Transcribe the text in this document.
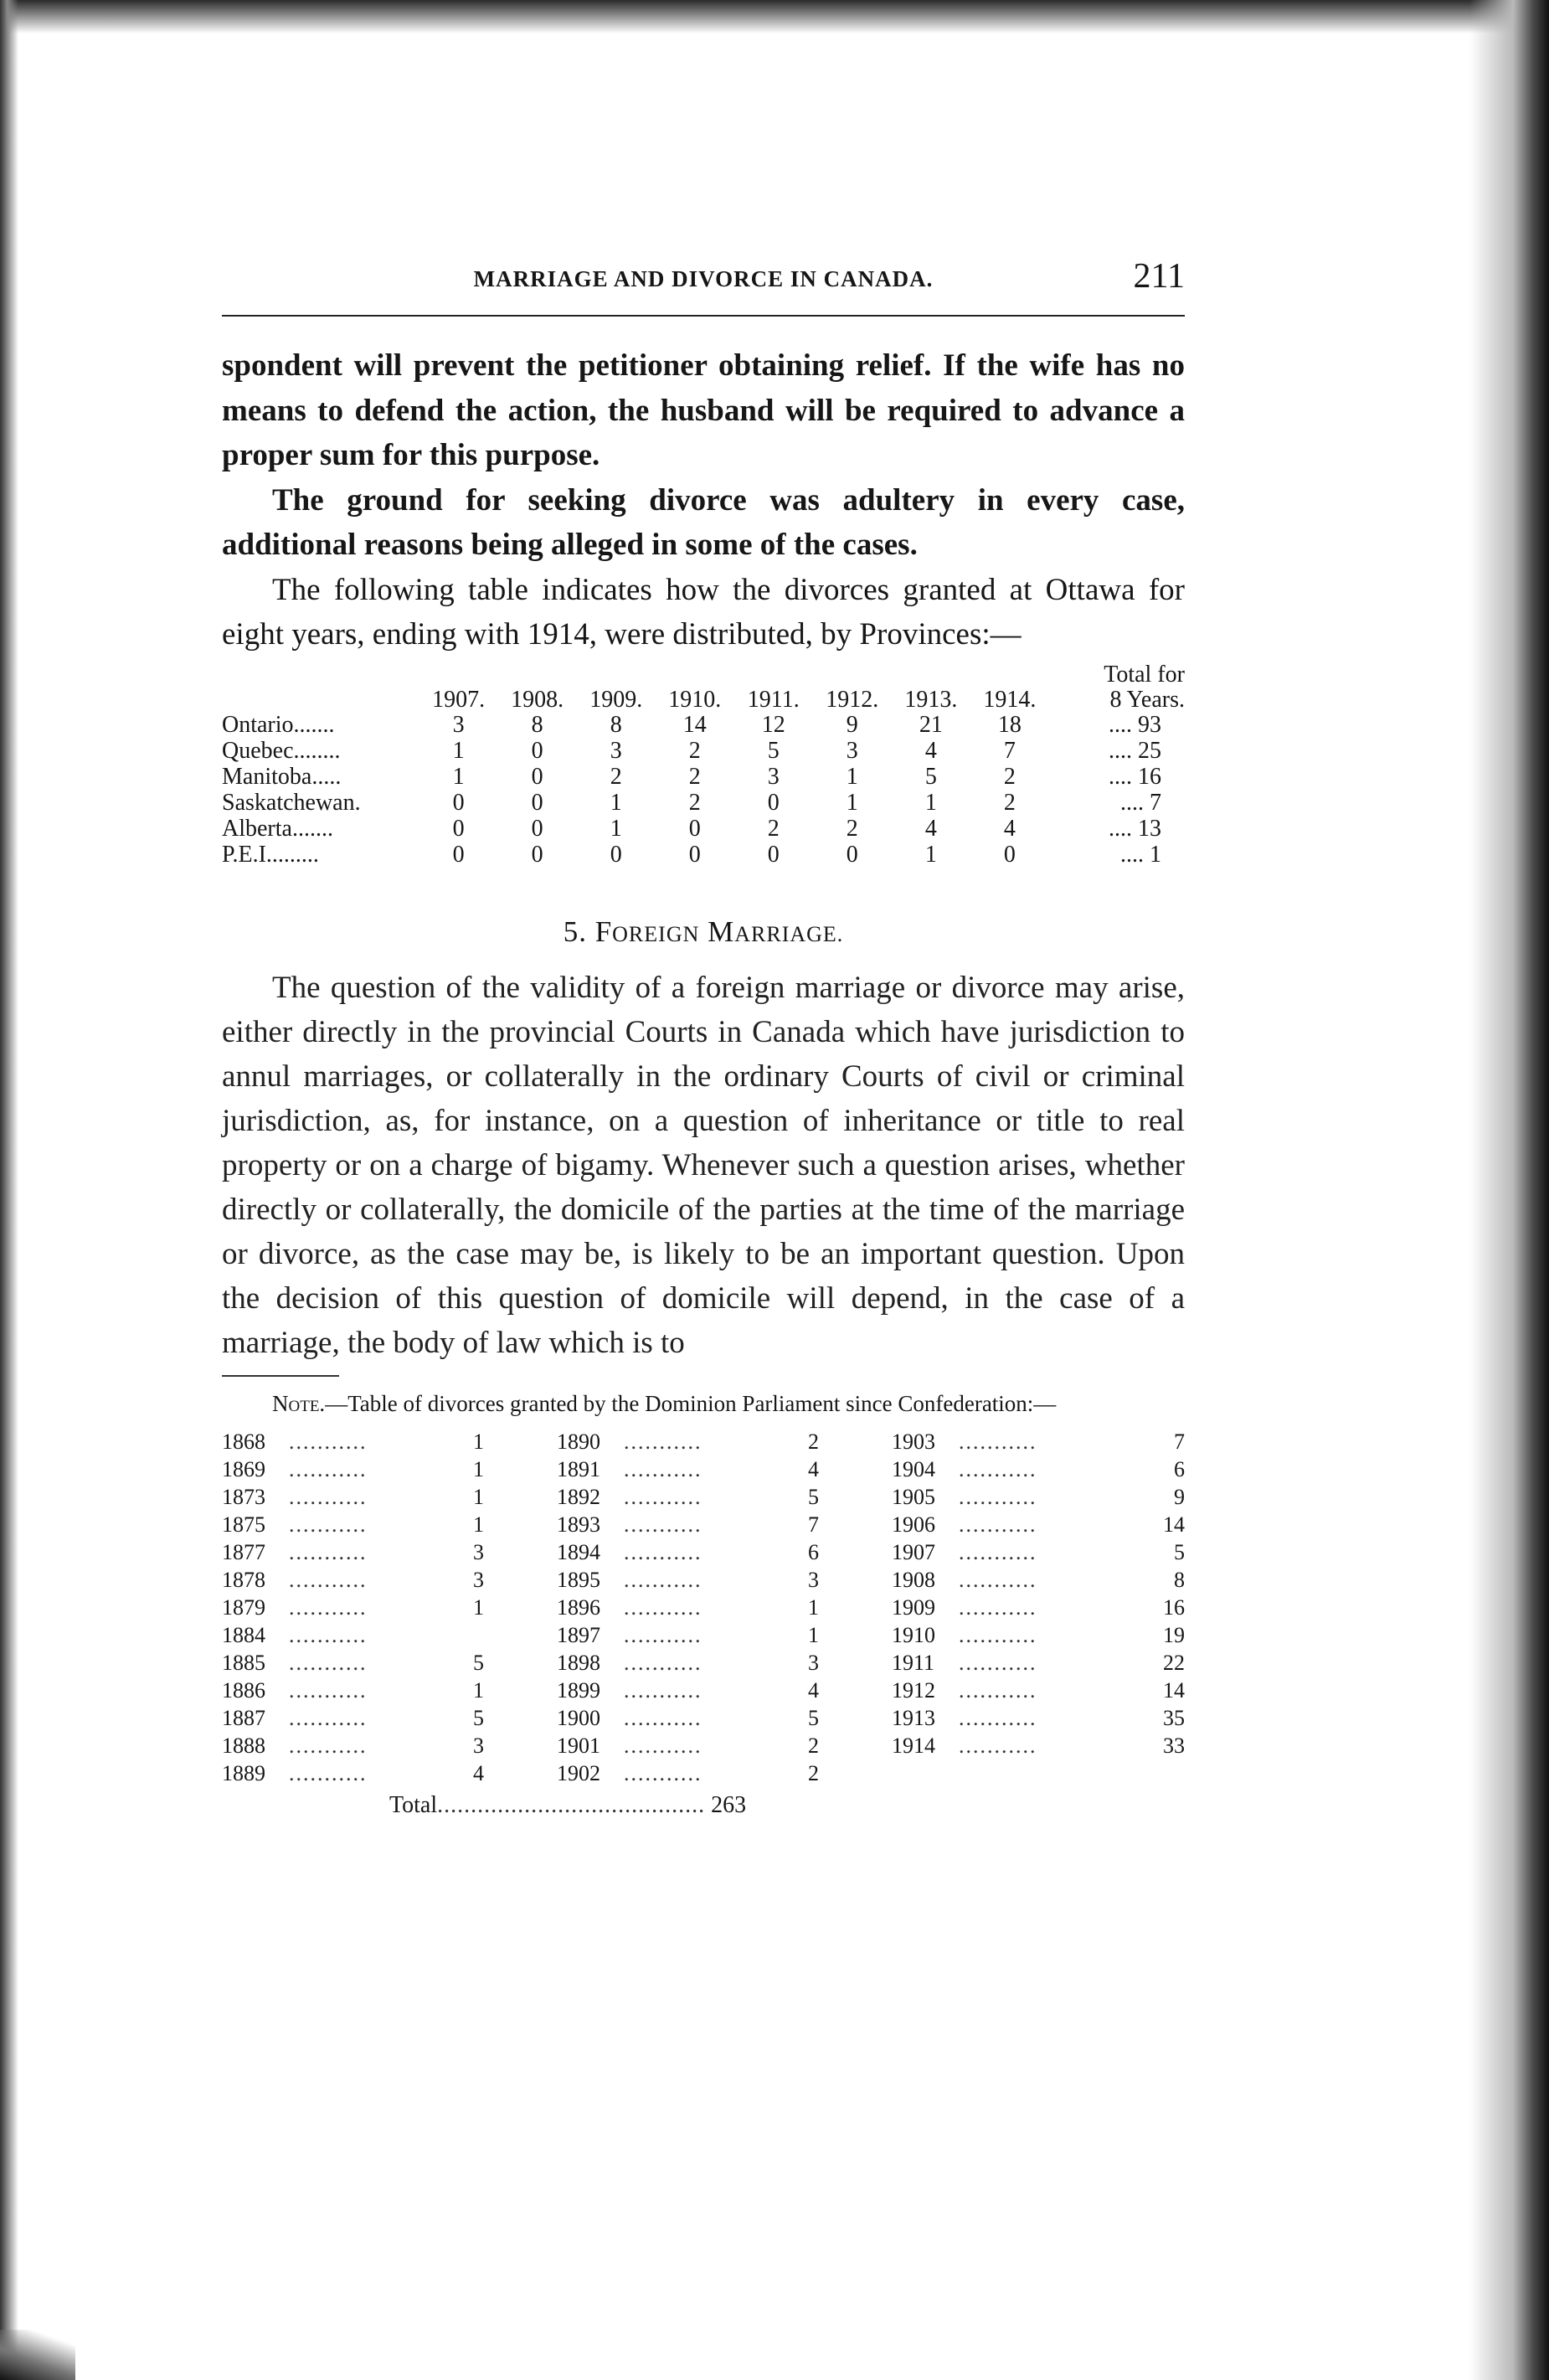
MARRIAGE AND DIVORCE IN CANADA.	211

spondent will prevent the petitioner obtaining relief. If the wife has no means to defend the action, the husband will be required to advance a proper sum for this purpose.

The ground for seeking divorce was adultery in every case, additional reasons being alleged in some of the cases.

The following table indicates how the divorces granted at Ottawa for eight years, ending with 1914, were distributed, by Provinces:—

	1907.	1908.	1909.	1910.	1911.	1912.	1913.	1914.	Total for
8 Years.

Ontario.......	3	8	8	14	12	9	21	18	.... 93
Quebec........	1	0	3	2	5	3	4	7	.... 25
Manitoba.....	1	0	2	2	3	1	5	2	.... 16
Saskatchewan.	0	0	1	2	0	1	1	2	.... 7
Alberta.......	0	0	1	0	2	2	4	4	.... 13
P.E.I.........	0	0	0	0	0	0	1	0	.... 1
5. FOREIGN MARRIAGE.

The question of the validity of a foreign marriage or divorce may arise, either directly in the provincial Courts in Canada which have jurisdiction to annul marriages, or collaterally in the ordinary Courts of civil or criminal jurisdiction, as, for instance, on a question of inheritance or title to real property or on a charge of bigamy. Whenever such a question arises, whether directly or collaterally, the domicile of the parties at the time of the marriage or divorce, as the case may be, is likely to be an important question. Upon the decision of this question of domicile will depend, in the case of a marriage, the body of law which is to

Note.—Table of divorces granted by the Dominion Parliament since Confederation:—

1868	...........	1		1890	...........	2		1903	...........	7
1869	...........	1		1891	...........	4		1904	...........	6
1873	...........	1		1892	...........	5		1905	...........	9
1875	...........	1		1893	...........	7		1906	...........	14
1877	...........	3		1894	...........	6		1907	...........	5
1878	...........	3		1895	...........	3		1908	...........	8
1879	...........	1		1896	...........	1		1909	...........	16
1884	...........			1897	...........	1		1910	...........	19
1885	...........	5		1898	...........	3		1911	...........	22
1886	...........	1		1899	...........	4		1912	...........	14
1887	...........	5		1900	...........	5		1913	...........	35
1888	...........	3		1901	...........	2		1914	...........	33
1889	...........	4		1902	...........	2				
Total........................................ 263
